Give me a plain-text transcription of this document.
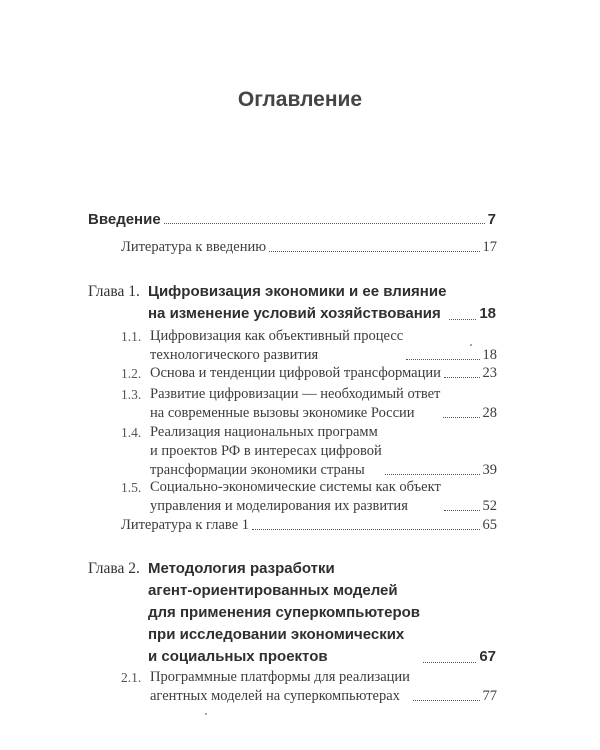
Оглавление
Введение	7
Литература к введению	17
Глава 1. Цифровизация экономики и ее влияние
на изменение условий хозяйствования	18
1.1. Цифровизация как объективный процесс
технологического развития	18
1.2. Основа и тенденции цифровой трансформации	23
1.3. Развитие цифровизации — необходимый ответ
на современные вызовы экономике России	28
1.4. Реализация национальных программ
и проектов РФ в интересах цифровой
трансформации экономики страны	39
1.5. Социально-экономические системы как объект
управления и моделирования их развития	52
Литература к главе 1	65
Глава 2. Методология разработки
агент-ориентированных моделей
для применения суперкомпьютеров
при исследовании экономических
и социальных проектов	67
2.1. Программные платформы для реализации
агентных моделей на суперкомпьютерах	77
